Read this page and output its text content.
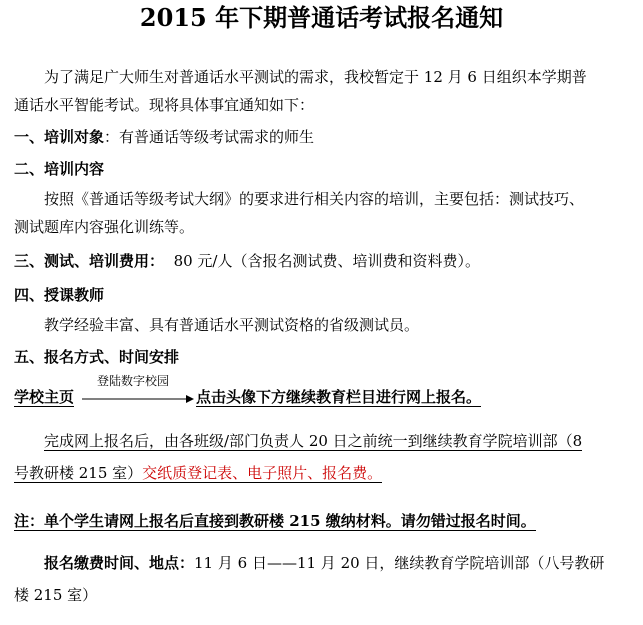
2015 年下期普通话考试报名通知
为了满足广大师生对普通话水平测试的需求，我校暂定于 12 月 6 日组织本学期普
通话水平智能考试。现将具体事宜通知如下：
一、培训对象：有普通话等级考试需求的师生
二、培训内容
按照《普通话等级考试大纲》的要求进行相关内容的培训，主要包括：测试技巧、
测试题库内容强化训练等。
三、测试、培训费用： 80 元/人（含报名测试费、培训费和资料费）。
四、授课教师
教学经验丰富、具有普通话水平测试资格的省级测试员。
五、报名方式、时间安排
学校主页
登陆数字校园
点击头像下方继续教育栏目进行网上报名。
完成网上报名后，由各班级/部门负责人 20 日之前统一到继续教育学院培训部（8
号教研楼 215 室）交纸质登记表、电子照片、报名费。
注：单个学生请网上报名后直接到教研楼 215 缴纳材料。请勿错过报名时间。
报名缴费时间、地点：11 月 6 日——11 月 20 日，继续教育学院培训部（八号教研
楼 215 室）
